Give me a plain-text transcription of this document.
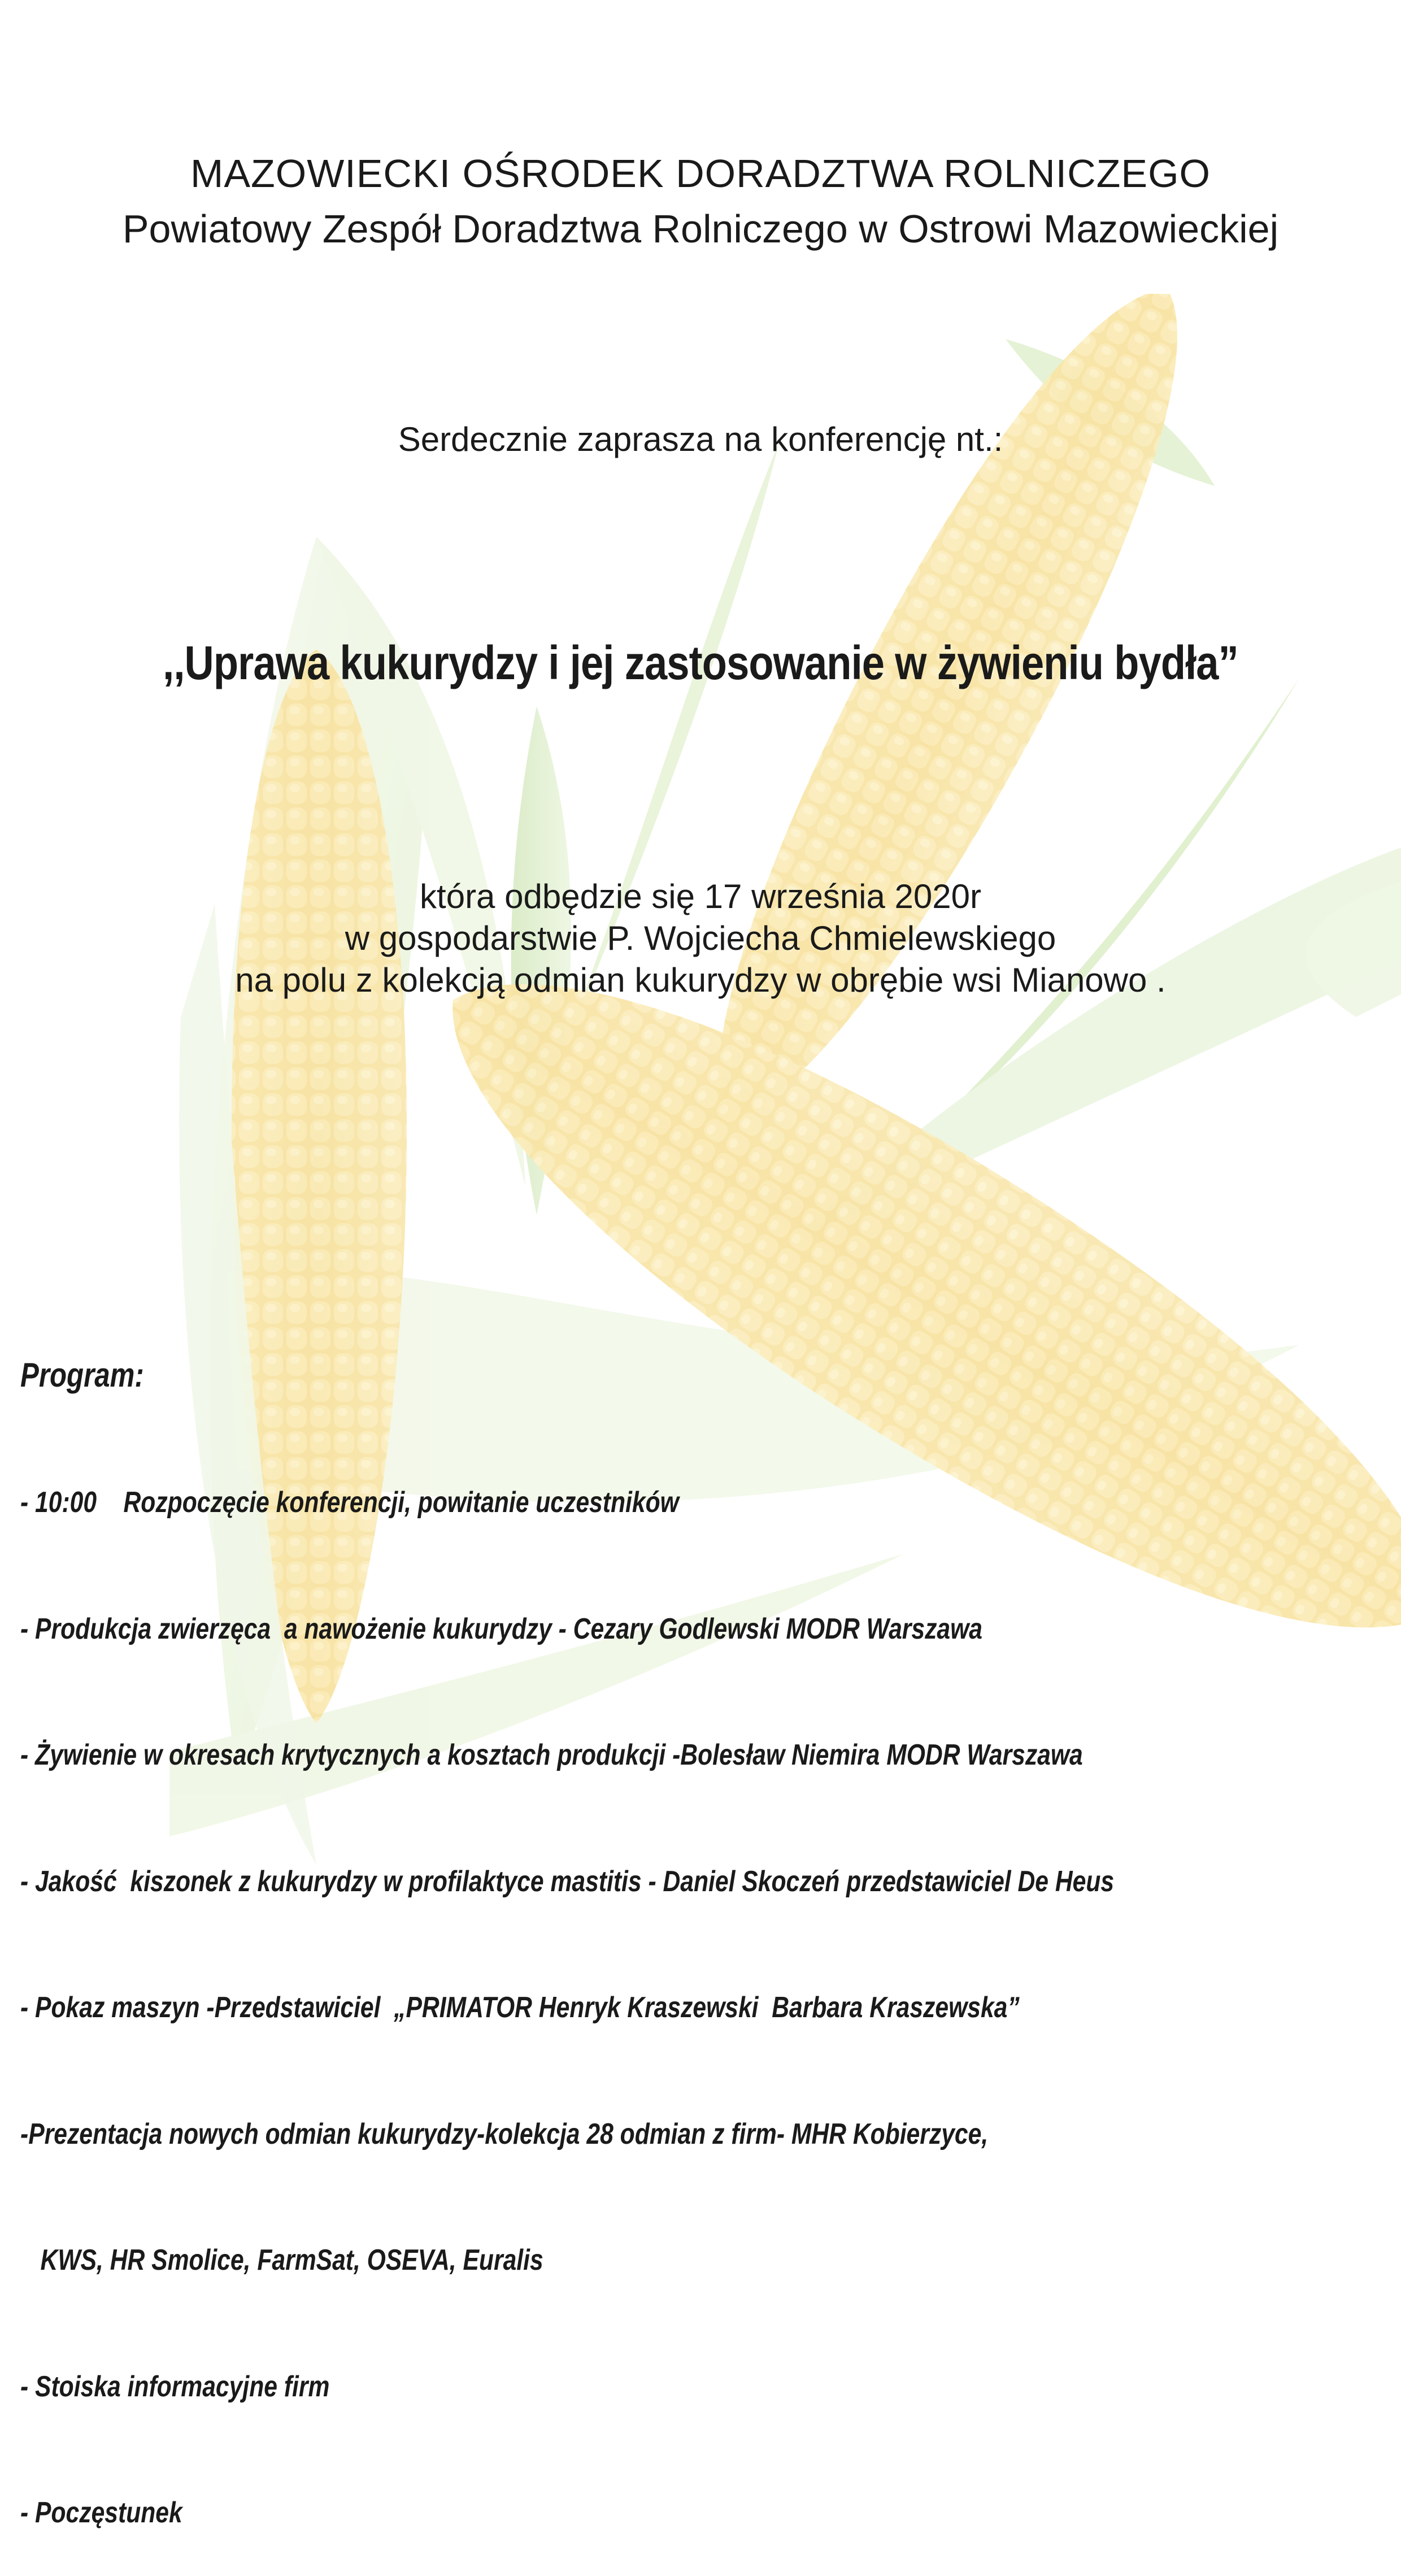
MAZOWIECKI OŚRODEK DORADZTWA ROLNICZEGO
Powiatowy Zespół Doradztwa Rolniczego w Ostrowi Mazowieckiej
Serdecznie zaprasza na konferencję nt.:
,,Uprawa kukurydzy i jej zastosowanie w żywieniu bydła”
która odbędzie się 17 września 2020r
w gospodarstwie P. Wojciecha Chmielewskiego
na polu z kolekcją odmian kukurydzy w obrębie wsi Mianowo .

Program:

- 10:00    Rozpoczęcie konferencji, powitanie uczestników

- Produkcja zwierzęca  a nawożenie kukurydzy - Cezary Godlewski MODR Warszawa

- Żywienie w okresach krytycznych a kosztach produkcji -Bolesław Niemira MODR Warszawa

- Jakość  kiszonek z kukurydzy w profilaktyce mastitis - Daniel Skoczeń przedstawiciel De Heus

- Pokaz maszyn -Przedstawiciel  „PRIMATOR Henryk Kraszewski  Barbara Kraszewska”

-Prezentacja nowych odmian kukurydzy-kolekcja 28 odmian z firm- MHR Kobierzyce,

KWS, HR Smolice, FarmSat, OSEVA, Euralis

- Stoiska informacyjne firm

- Poczęstunek
